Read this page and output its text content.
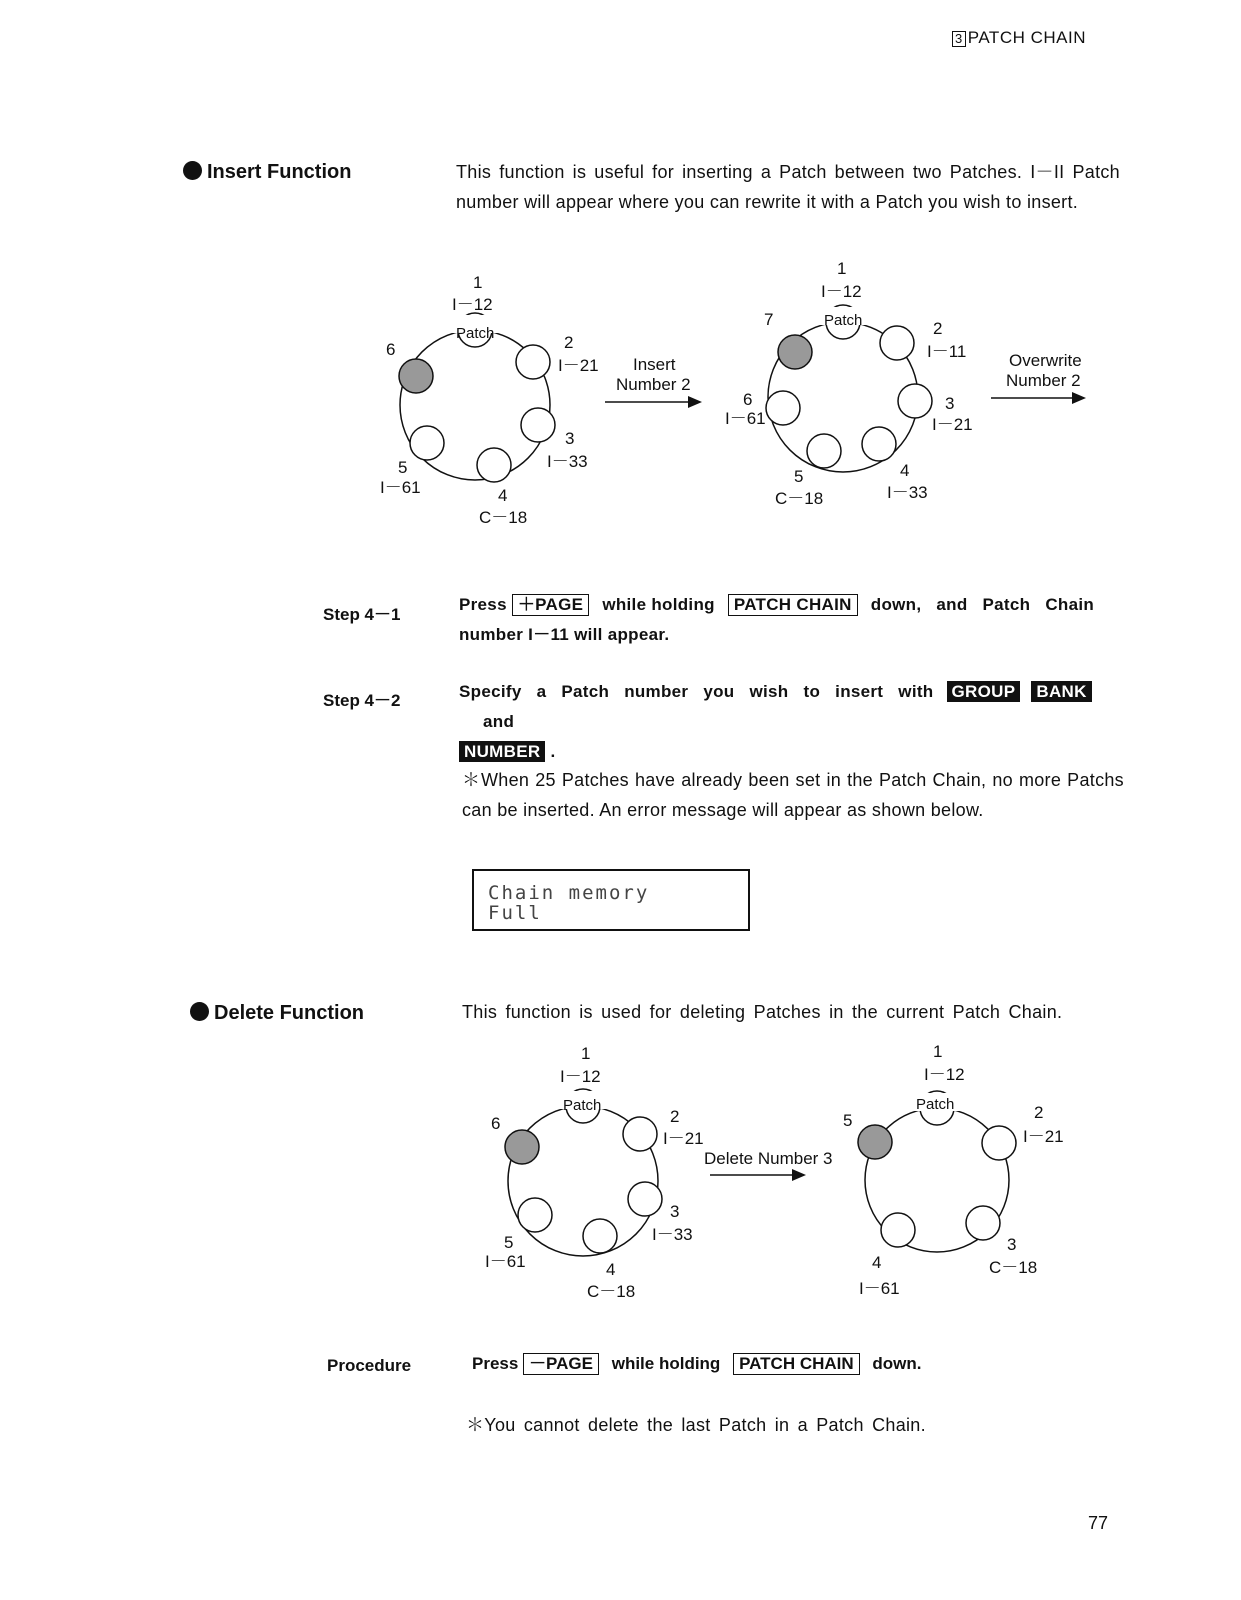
3 PATCH CHAIN
Insert Function	This function is useful for inserting a Patch between two Patches. I－II Patch number will appear where you can rewrite it with a Patch you wish to insert.
Patch
1
I－12
2
I－21
3
I－33
4
C－18
5
I－61
6
Insert
Number 2
Patch
1
I－12
2
I－11
3
I－21
4
I－33
5
C－18
6
I－61
7
Overwrite
Number 2
Step 4－1
Press ＋PAGE while holding PATCH CHAIN down, and Patch Chain number I－11 will appear.
Step 4－2	Specify a Patch number you wish to insert with GROUP BANK and
NUMBER .
＊When 25 Patches have already been set in the Patch Chain, no more Patchs can be inserted. An error message will appear as shown below.
Chain memory
Full
Delete Function	This function is used for deleting Patches in the current Patch Chain.
Patch
1
I－12
2
I－21
3
I－33
4
C－18
5
I－61
6
Delete Number 3
Patch
1
I－12
2
I－21
3
C－18
4
I－61
5
Procedure	Press －PAGE while holding PATCH CHAIN down.
＊You cannot delete the last Patch in a Patch Chain.
77
